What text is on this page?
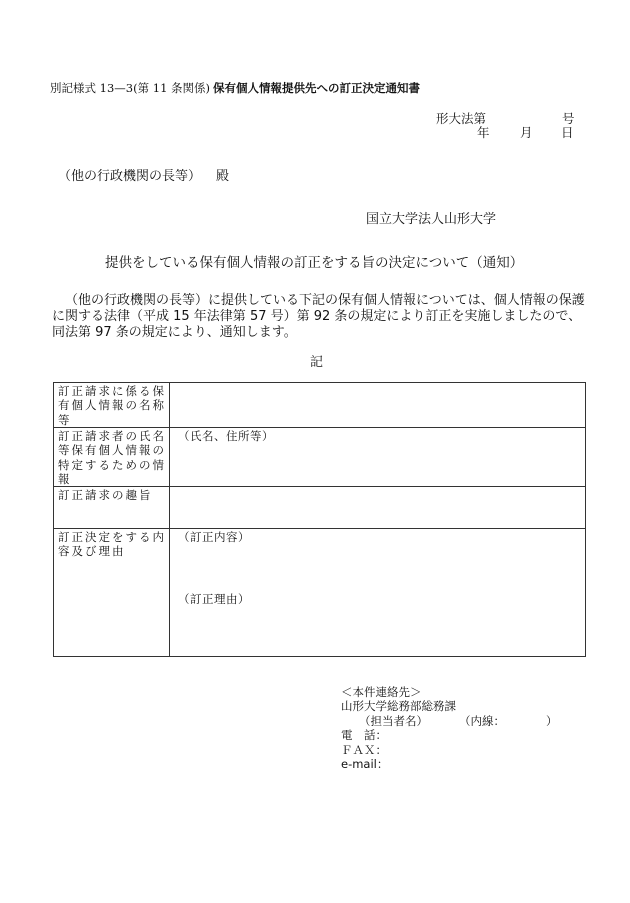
別記様式 13—3(第 11 条関係) 保有個人情報提供先への訂正決定通知書
形大法第	号
年 月 日
（他の行政機関の長等） 殿
国立大学法人山形大学
提供をしている保有個人情報の訂正をする旨の決定について（通知）
（他の行政機関の長等）に提供している下記の保有個人情報については、個人情報の保護に関する法律（平成 15 年法律第 57 号）第 92 条の規定により訂正を実施しましたので、同法第 97 条の規定により、通知します。
記
訂正請求に係る保有個人情報の名称等	
訂正請求者の氏名等保有個人情報の特定するための情報	（氏名、住所等）
訂正請求の趣旨	
訂正決定をする内容及び理由	（訂正内容）
（訂正理由）
＜本件連絡先＞
山形大学総務部総務課
（担当者名）	（内線：	）
電　話：
ＦＡＸ：
e-mail：
